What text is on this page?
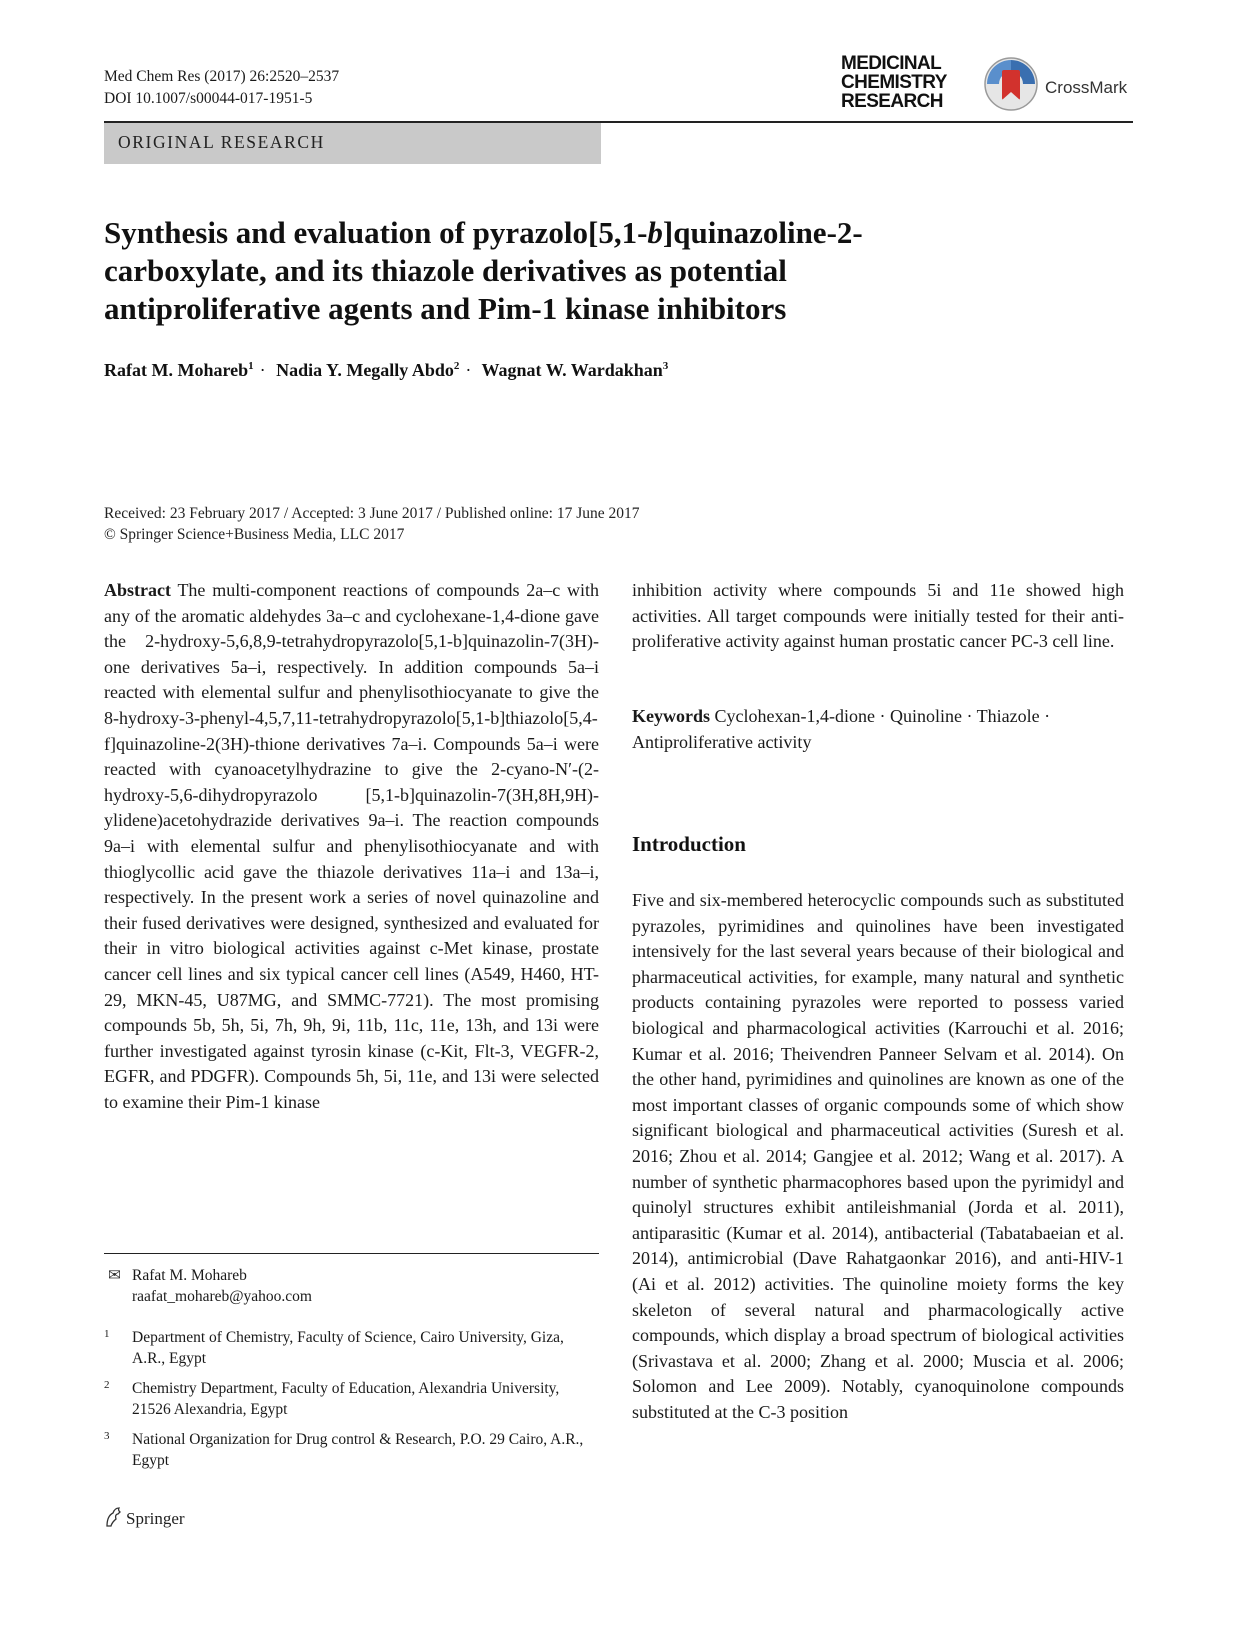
Med Chem Res (2017) 26:2520–2537
DOI 10.1007/s00044-017-1951-5
MEDICINAL
CHEMISTRY
RESEARCH
CrossMark
ORIGINAL RESEARCH
Synthesis and evaluation of pyrazolo[5,1-b]quinazoline-2-
carboxylate, and its thiazole derivatives as potential
antiproliferative agents and Pim-1 kinase inhibitors
Rafat M. Mohareb$^1$ · Nadia Y. Megally Abdo$^2$ · Wagnat W. Wardakhan$^3$
Received: 23 February 2017 / Accepted: 3 June 2017 / Published online: 17 June 2017
© Springer Science+Business Media, LLC 2017

Abstract The multi-component reactions of compounds 2a–c with any of the aromatic aldehydes 3a–c and cyclohexane-1,4-dione gave the 2-hydroxy-5,6,8,9-tetrahydropyrazolo[5,1-b]quinazolin-7(3H)-one derivatives 5a–i, respectively. In addition compounds 5a–i reacted with elemental sulfur and phenylisothiocyanate to give the 8-hydroxy-3-phenyl-4,5,7,11-tetrahydropyrazolo[5,1-b]thiazolo[5,4-f]quinazoline-2(3H)-thione derivatives 7a–i. Compounds 5a–i were reacted with cyanoacetylhydrazine to give the 2-cyano-N′-(2-hydroxy-5,6-dihydropyrazolo [5,1-b]quinazolin-7(3H,8H,9H)-ylidene)acetohydrazide derivatives 9a–i. The reaction compounds 9a–i with elemental sulfur and phenylisothiocyanate and with thioglycollic acid gave the thiazole derivatives 11a–i and 13a–i, respectively. In the present work a series of novel quinazoline and their fused derivatives were designed, synthesized and evaluated for their in vitro biological activities against c-Met kinase, prostate cancer cell lines and six typical cancer cell lines (A549, H460, HT-29, MKN-45, U87MG, and SMMC-7721). The most promising compounds 5b, 5h, 5i, 7h, 9h, 9i, 11b, 11c, 11e, 13h, and 13i were further investigated against tyrosin kinase (c-Kit, Flt-3, VEGFR-2, EGFR, and PDGFR). Compounds 5h, 5i, 11e, and 13i were selected to examine their Pim-1 kinase

inhibition activity where compounds 5i and 11e showed high activities. All target compounds were initially tested for their anti-proliferative activity against human prostatic cancer PC-3 cell line.

Keywords Cyclohexan-1,4-dione · Quinoline · Thiazole · Antiproliferative activity
Introduction

Five and six-membered heterocyclic compounds such as substituted pyrazoles, pyrimidines and quinolines have been investigated intensively for the last several years because of their biological and pharmaceutical activities, for example, many natural and synthetic products containing pyrazoles were reported to possess varied biological and pharmacological activities (Karrouchi et al. 2016; Kumar et al. 2016; Theivendren Panneer Selvam et al. 2014). On the other hand, pyrimidines and quinolines are known as one of the most important classes of organic compounds some of which show significant biological and pharmaceutical activities (Suresh et al. 2016; Zhou et al. 2014; Gangjee et al. 2012; Wang et al. 2017). A number of synthetic pharmacophores based upon the pyrimidyl and quinolyl structures exhibit antileishmanial (Jorda et al. 2011), antiparasitic (Kumar et al. 2014), antibacterial (Tabatabaeian et al. 2014), antimicrobial (Dave Rahatgaonkar 2016), and anti-HIV-1 (Ai et al. 2012) activities. The quinoline moiety forms the key skeleton of several natural and pharmacologically active compounds, which display a broad spectrum of biological activities (Srivastava et al. 2000; Zhang et al. 2000; Muscia et al. 2006; Solomon and Lee 2009). Notably, cyanoquinolone compounds substituted at the C-3 position

✉ Rafat M. Mohareb
raafat_mohareb@yahoo.com
1 Department of Chemistry, Faculty of Science, Cairo University, Giza, A.R., Egypt
2 Chemistry Department, Faculty of Education, Alexandria University, 21526 Alexandria, Egypt
3 National Organization for Drug control & Research, P.O. 29 Cairo, A.R., Egypt
Springer
